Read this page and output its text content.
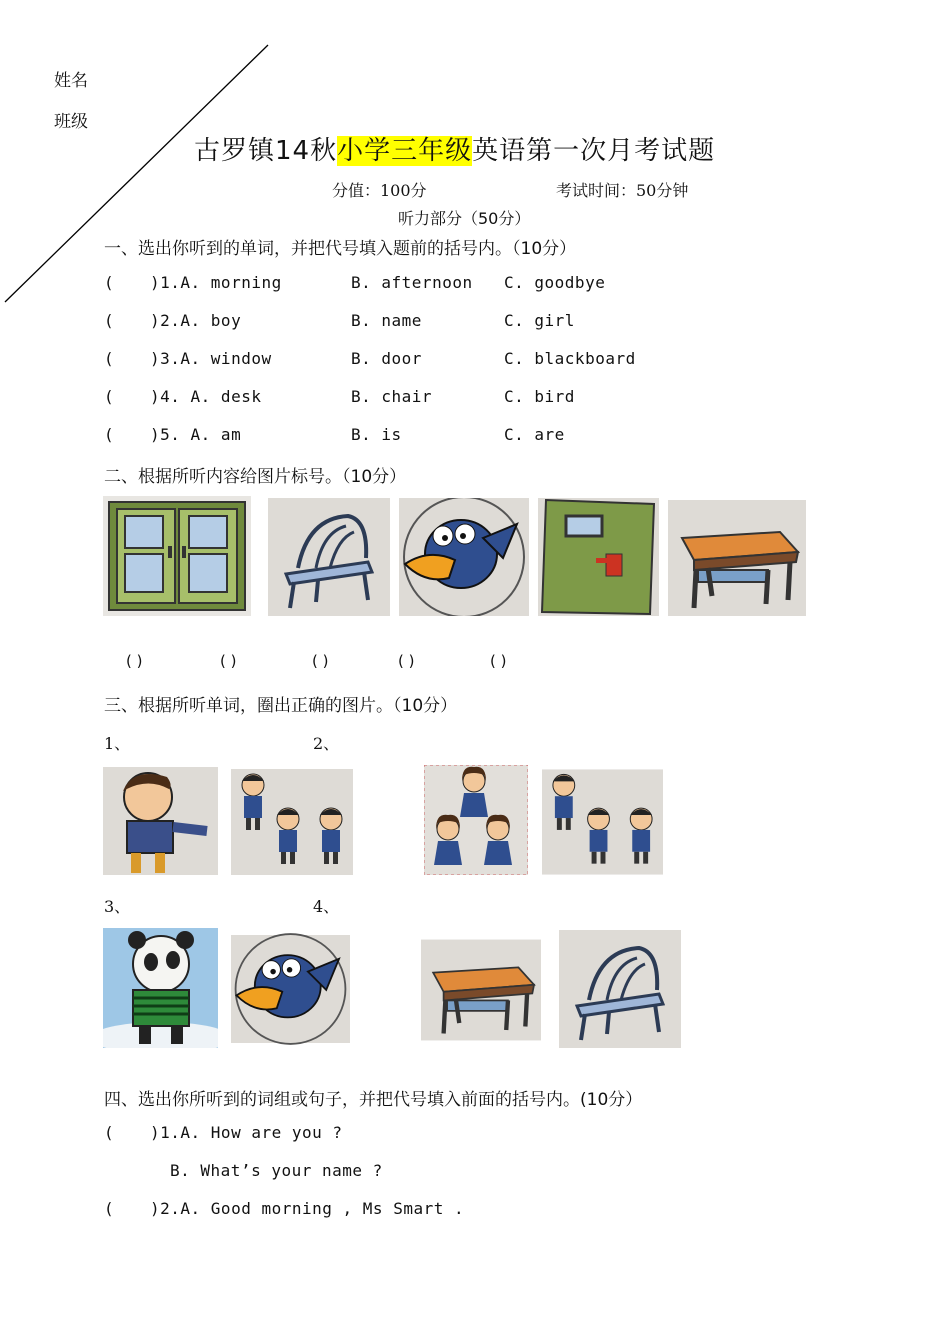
姓名
班级
古罗镇14秋小学三年级英语第一次月考试题
分值：100分	考试时间：50分钟
听力部分（50分）
一、选出你听到的单词，并把代号填入题前的括号内。（10分）
( )1.A. morning	B. afternoon C. goodbye
( )2.A. boy	B. name	C. girl
( )3.A. window	B. door	C. blackboard
( )4. A. desk	B. chair	C. bird
( )5. A. am	B. is	C. are
二、根据所听内容给图片标号。（10分）
( )	( )	( )	( )	( )
三、根据所听单词，圈出正确的图片。（10分）
1、	2、
3、	4、
四、选出你所听到的词组或句子，并把代号填入前面的括号内。(10分）
( )1.A. How are you ?
B. What’s your name ?
( )2.A. Good morning , Ms Smart .
